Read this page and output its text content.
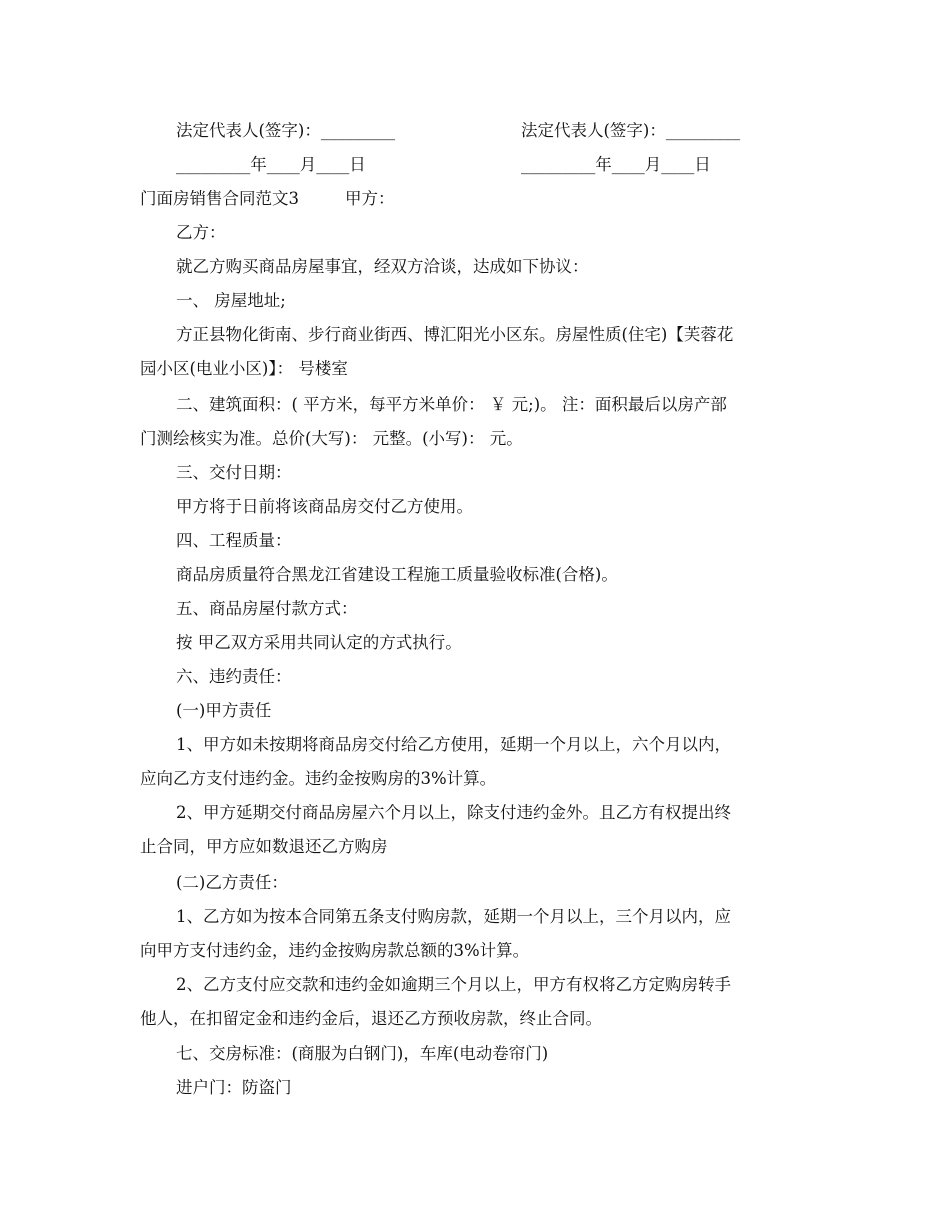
法定代表人(签字)：_________	法定代表人(签字)：_________
_________年____月____日	_________年____月____日
门面房销售合同范文3	甲方：
乙方：
就乙方购买商品房屋事宜，经双方洽谈，达成如下协议：
一、 房屋地址;
方正县物化街南、步行商业街西、博汇阳光小区东。房屋性质(住宅)【芙蓉花
园小区(电业小区)】： 号楼室
二、建筑面积：( 平方米，每平方米单价： ￥ 元;)。 注：面积最后以房产部
门测绘核实为准。总价(大写)： 元整。(小写)： 元。
三、交付日期：
甲方将于日前将该商品房交付乙方使用。
四、工程质量：
商品房质量符合黑龙江省建设工程施工质量验收标准(合格)。
五、商品房屋付款方式：
按 甲乙双方采用共同认定的方式执行。
六、违约责任：
(一)甲方责任
1、甲方如未按期将商品房交付给乙方使用，延期一个月以上，六个月以内，
应向乙方支付违约金。违约金按购房的3%计算。
2、甲方延期交付商品房屋六个月以上，除支付违约金外。且乙方有权提出终
止合同，甲方应如数退还乙方购房
(二)乙方责任：
1、乙方如为按本合同第五条支付购房款，延期一个月以上，三个月以内，应
向甲方支付违约金，违约金按购房款总额的3%计算。
2、乙方支付应交款和违约金如逾期三个月以上，甲方有权将乙方定购房转手
他人，在扣留定金和违约金后，退还乙方预收房款，终止合同。
七、交房标准：(商服为白钢门)，车库(电动卷帘门)
进户门：防盗门
